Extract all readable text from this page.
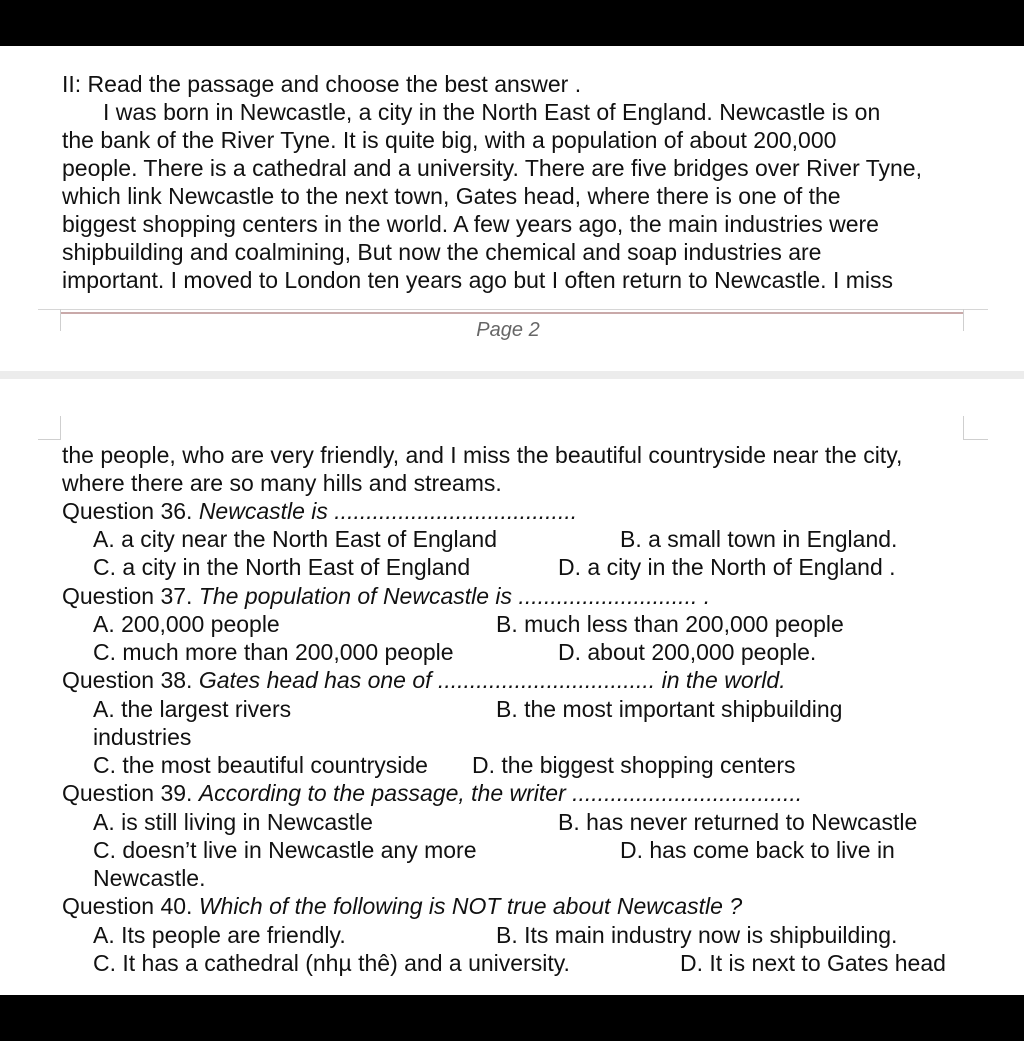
II: Read the passage and choose the best answer .
I was born in Newcastle, a city in the North East of England. Newcastle is on
the bank of the River Tyne. It is quite big, with a population of about 200,000
people. There is a cathedral and a university. There are five bridges over River Tyne,
which link Newcastle to the next town, Gates head, where there is one of the
biggest shopping centers in the world. A few years ago, the main industries were
shipbuilding and coalmining, But now the chemical and soap industries are
important. I moved to London ten years ago but I often return to Newcastle. I miss
Page 2
the people, who are very friendly, and I miss the beautiful countryside near the city,
where there are so many hills and streams.
Question 36. Newcastle is ......................................
A. a city near the North East of England	B. a small town in England.
C. a city in the North East of England	D. a city in the North of England .
Question 37. The population of Newcastle is ............................ .
A. 200,000 people	B. much less than 200,000 people
C. much more than 200,000 people	D. about 200,000 people.
Question 38. Gates head has one of .................................. in the world.
A. the largest rivers	B. the most important shipbuilding
industries
C. the most beautiful countryside D. the biggest shopping centers
Question 39. According to the passage, the writer ....................................
A. is still living in Newcastle	B. has never returned to Newcastle
C. doesn’t live in Newcastle any more	D. has come back to live in
Newcastle.
Question 40. Which of the following is NOT true about Newcastle ?
A. Its people are friendly.	B. Its main industry now is shipbuilding.
C. It has a cathedral (nhµ thê) and a university.	D. It is next to Gates head
